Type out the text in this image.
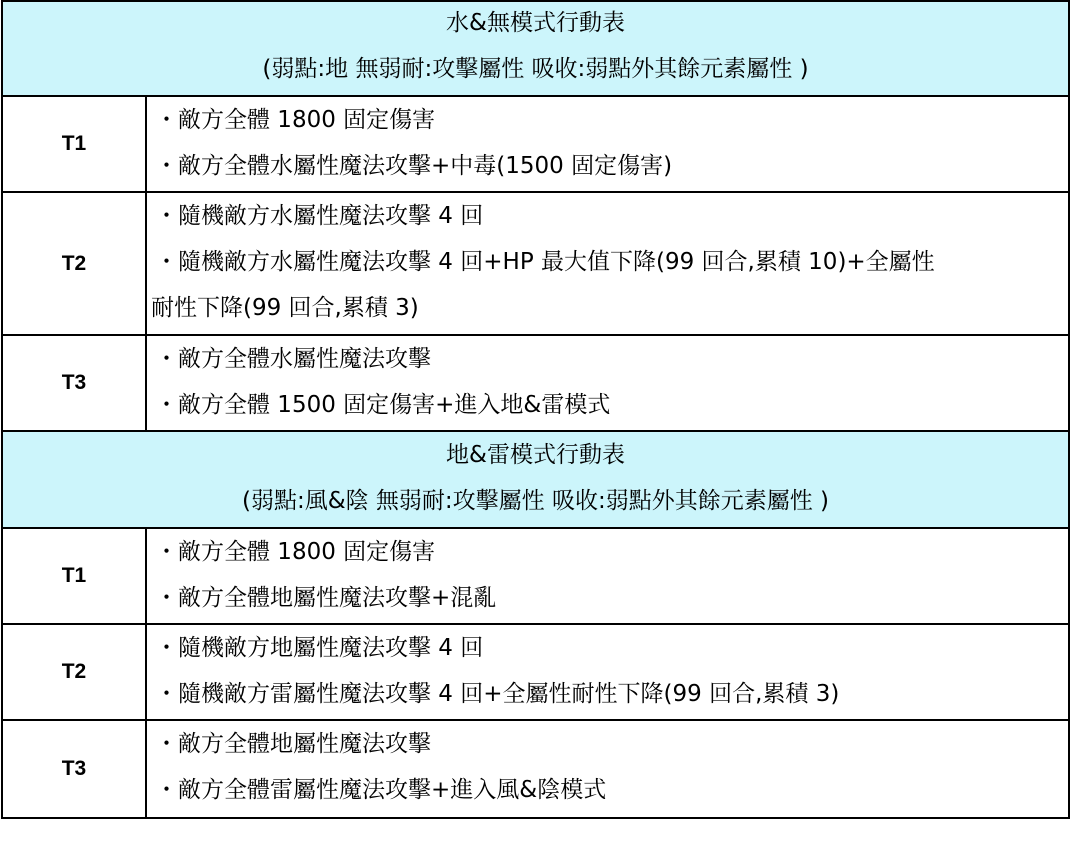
水&無模式行動表
(弱點:地 無弱耐:攻擊屬性 吸收:弱點外其餘元素屬性 )
T1
・敵方全體 1800 固定傷害
・敵方全體水屬性魔法攻擊+中毒(1500 固定傷害)
T2
・隨機敵方水屬性魔法攻擊 4 回
・隨機敵方水屬性魔法攻擊 4 回+HP 最大值下降(99 回合,累積 10)+全屬性
耐性下降(99 回合,累積 3)
T3
・敵方全體水屬性魔法攻擊
・敵方全體 1500 固定傷害+進入地&雷模式
地&雷模式行動表
(弱點:風&陰 無弱耐:攻擊屬性 吸收:弱點外其餘元素屬性 )
T1
・敵方全體 1800 固定傷害
・敵方全體地屬性魔法攻擊+混亂
T2
・隨機敵方地屬性魔法攻擊 4 回
・隨機敵方雷屬性魔法攻擊 4 回+全屬性耐性下降(99 回合,累積 3)
T3
・敵方全體地屬性魔法攻擊
・敵方全體雷屬性魔法攻擊+進入風&陰模式
